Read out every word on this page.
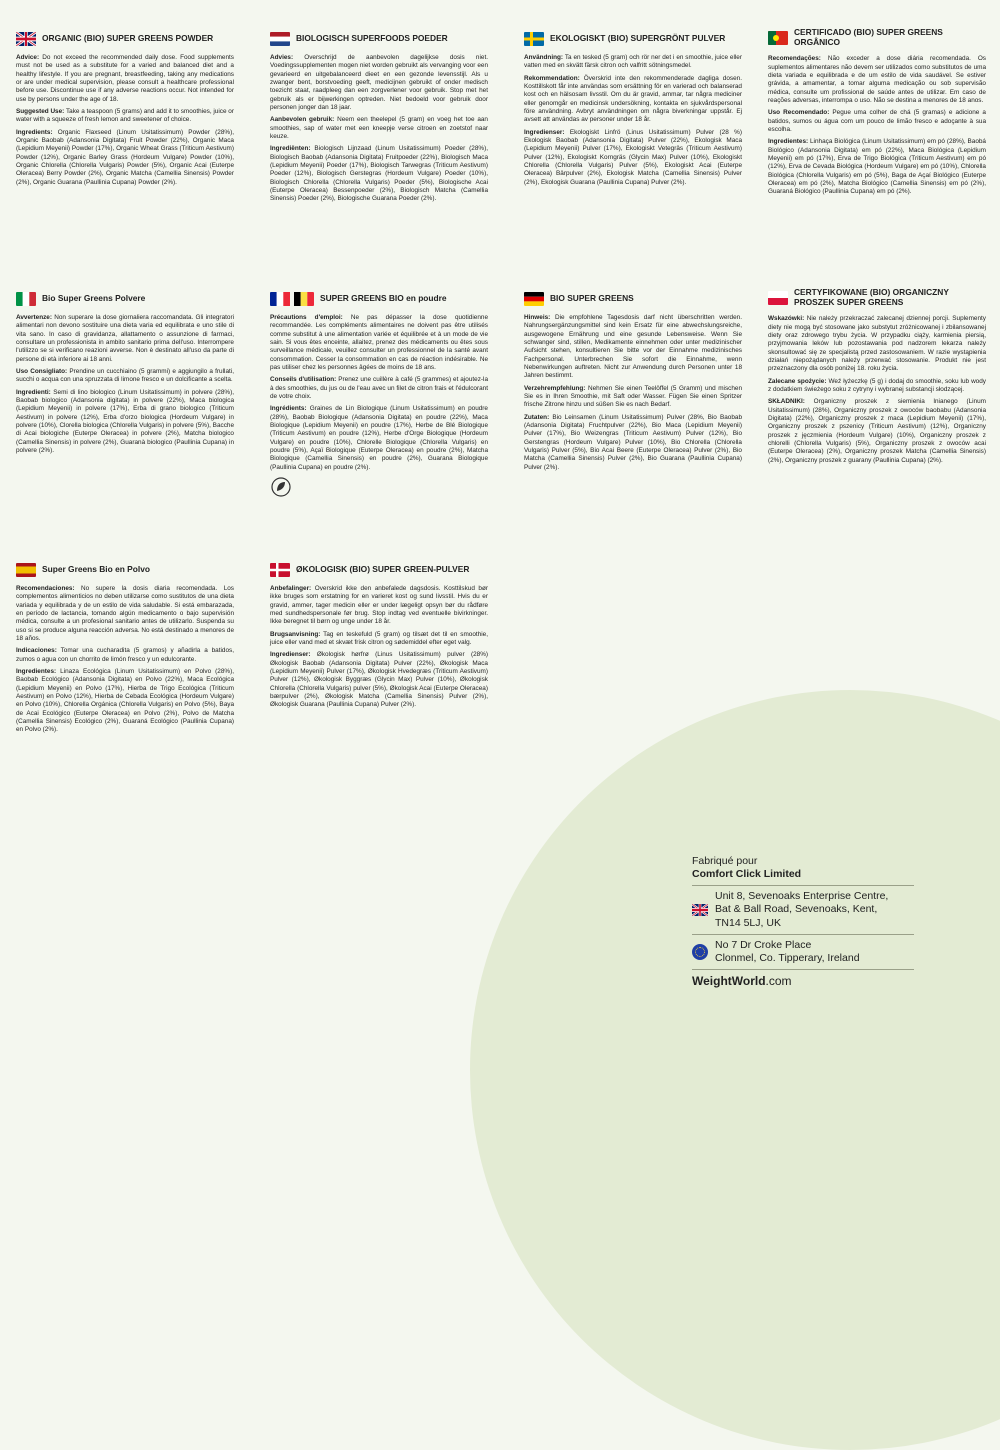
ORGANIC (BIO) SUPER GREENS POWDER
Advice: Do not exceed the recommended daily dose. Food supplements must not be used as a substitute for a varied and balanced diet and a healthy lifestyle. If you are pregnant, breastfeeding, taking any medications or are under medical supervision, please consult a healthcare professional before use. Discontinue use if any adverse reactions occur. Not intended for use by persons under the age of 18.
Suggested Use: Take a teaspoon (5 grams) and add it to smoothies, juice or water with a squeeze of fresh lemon and sweetener of choice.
Ingredients: Organic Flaxseed (Linum Usitatissimum) Powder (28%), Organic Baobab (Adansonia Digitata) Fruit Powder (22%), Organic Maca (Lepidium Meyenii) Powder (17%), Organic Wheat Grass (Triticum Aestivum) Powder (12%), Organic Barley Grass (Hordeum Vulgare) Powder (10%), Organic Chlorella (Chlorella Vulgaris) Powder (5%), Organic Acai (Euterpe Oleracea) Berry Powder (2%), Organic Matcha (Camellia Sinensis) Powder (2%), Organic Guarana (Paullinia Cupana) Powder (2%).
BIOLOGISCH SUPERFOODS POEDER
Advies: Overschrijd de aanbevolen dagelijkse dosis niet. Voedingssupplementen mogen niet worden gebruikt als vervanging voor een gevarieerd en uitgebalanceerd dieet en een gezonde levensstijl. Als u zwanger bent, borstvoeding geeft, medicijnen gebruikt of onder medisch toezicht staat, raadpleeg dan een zorgverlener voor gebruik. Stop met het gebruik als er bijwerkingen optreden. Niet bedoeld voor gebruik door personen jonger dan 18 jaar.
Aanbevolen gebruik: Neem een theelepel (5 gram) en voeg het toe aan smoothies, sap of water met een kneepje verse citroen en zoetstof naar keuze.
Ingrediënten: Biologisch Lijnzaad (Linum Usitatissimum) Poeder (28%), Biologisch Baobab (Adansonia Digitata) Fruitpoeder (22%), Biologisch Maca (Lepidium Meyenii) Poeder (17%), Biologisch Tarwegras (Triticum Aestivum) Poeder (12%), Biologisch Gerstegras (Hordeum Vulgare) Poeder (10%), Biologisch Chlorella (Chlorella Vulgaris) Poeder (5%), Biologische Acai (Euterpe Oleracea) Bessenpoeder (2%), Biologisch Matcha (Camellia Sinensis) Poeder (2%), Biologische Guarana Poeder (2%).
EKOLOGISKT (BIO) SUPERGRÖNT PULVER
Användning: Ta en tesked (5 gram) och rör ner det i en smoothie, juice eller vatten med en skvätt färsk citron och valfritt sötningsmedel.
Rekommendation: Överskrid inte den rekommenderade dagliga dosen. Kosttillskott får inte användas som ersättning för en varierad och balanserad kost och en hälsosam livsstil. Om du är gravid, ammar, tar några mediciner eller genomgår en medicinsk undersökning, kontakta en sjukvårdspersonal före användning. Avbryt användningen om några biverkningar uppstår. Ej avsett att användas av personer under 18 år.
Ingredienser: Ekologiskt Linfrö (Linus Usitatissimum) Pulver (28 %) Ekologisk Baobab (Adansonia Digitata) Pulver (22%), Ekologisk Maca (Lepidium Meyenii) Pulver (17%), Ekologiskt Vetegräs (Triticum Aestivum) Pulver (12%), Ekologiskt Korngräs (Glycin Max) Pulver (10%), Ekologiskt Chlorella (Chlorella Vulgaris) Pulver (5%), Ekologiskt Acai (Euterpe Oleracea) Bärpulver (2%), Ekologisk Matcha (Camellia Sinensis) Pulver (2%), Ekologisk Guarana (Paullinia Cupana) Pulver (2%).
CERTIFICADO (BIO) SUPER GREENS ORGÂNICO
Recomendações: Não exceder a dose diária recomendada. Os suplementos alimentares não devem ser utilizados como substitutos de uma dieta variada e equilibrada e de um estilo de vida saudável. Se estiver grávida, a amamentar, a tomar alguma medicação ou sob supervisão médica, consulte um profissional de saúde antes de utilizar. Em caso de reações adversas, interrompa o uso. Não se destina a menores de 18 anos.
Uso Recomendado: Pegue uma colher de chá (5 gramas) e adicione a batidos, sumos ou água com um pouco de limão fresco e adoçante à sua escolha.
Ingredientes: Linhaça Biológica (Linum Usitatissimum) em pó (28%), Baobá Biológico (Adansonia Digitata) em pó (22%), Maca Biológica (Lepidium Meyenii) em pó (17%), Erva de Trigo Biológica (Triticum Aestivum) em pó (12%), Erva de Cevada Biológica (Hordeum Vulgare) em pó (10%), Chlorella Biológica (Chlorella Vulgaris) em pó (5%), Baga de Açaí Biológico (Euterpe Oleracea) em pó (2%), Matcha Biológico (Camellia Sinensis) em pó (2%), Guaraná Biológico (Paullinia Cupana) em pó (2%).
Bio Super Greens Polvere
Avvertenze: Non superare la dose giornaliera raccomandata. Gli integratori alimentari non devono sostituire una dieta varia ed equilibrata e uno stile di vita sano. In caso di gravidanza, allattamento o assunzione di farmaci, consultare un professionista in ambito sanitario prima dell'uso. Interrompere l'utilizzo se si verificano reazioni avverse. Non è destinato all'uso da parte di persone di età inferiore ai 18 anni.
Uso Consigliato: Prendine un cucchiaino (5 grammi) e aggiungilo a frullati, succhi o acqua con una spruzzata di limone fresco e un dolcificante a scelta.
Ingredienti: Semi di lino biologico (Linum Usitatissimum) in polvere (28%), Baobab biologico (Adansonia digitata) in polvere (22%), Maca biologica (Lepidium Meyenii) in polvere (17%), Erba di grano biologico (Triticum Aestivum) in polvere (12%), Erba d'orzo biologica (Hordeum Vulgare) in polvere (10%), Clorella biologica (Chlorella Vulgaris) in polvere (5%), Bacche di Acai biologiche (Euterpe Oleracea) in polvere (2%), Matcha biologico (Camellia Sinensis) in polvere (2%), Guaranà biologico (Paullinia Cupana) in polvere (2%).
SUPER GREENS BIO en poudre
Précautions d'emploi: Ne pas dépasser la dose quotidienne recommandée. Les compléments alimentaires ne doivent pas être utilisés comme substitut à une alimentation variée et équilibrée et à un mode de vie sain. Si vous êtes enceinte, allaitez, prenez des médicaments ou êtes sous surveillance médicale, veuillez consulter un professionnel de la santé avant consommation. Cesser la consommation en cas de réaction indésirable. Ne pas utiliser chez les personnes âgées de moins de 18 ans.
Conseils d'utilisation: Prenez une cuillère à café (5 grammes) et ajoutez-la à des smoothies, du jus ou de l'eau avec un filet de citron frais et l'édulcorant de votre choix.
Ingrédients: Graines de Lin Biologique (Linum Usitatissimum) en poudre (28%), Baobab Biologique (Adansonia Digitata) en poudre (22%), Maca Biologique (Lepidium Meyenii) en poudre (17%), Herbe de Blé Biologique (Triticum Aestivum) en poudre (12%), Herbe d'Orge Biologique (Hordeum Vulgare) en poudre (10%), Chlorelle Biologique (Chlorella Vulgaris) en poudre (5%), Açaï Biologique (Euterpe Oleracea) en poudre (2%), Matcha Biologique (Camellia Sinensis) en poudre (2%), Guarana Biologique (Paullinia Cupana) en poudre (2%).
BIO SUPER GREENS
Hinweis: Die empfohlene Tagesdosis darf nicht überschritten werden. Nahrungsergänzungsmittel sind kein Ersatz für eine abwechslungsreiche, ausgewogene Ernährung und eine gesunde Lebensweise. Wenn Sie schwanger sind, stillen, Medikamente einnehmen oder unter medizinischer Aufsicht stehen, konsultieren Sie bitte vor der Einnahme medizinisches Fachpersonal. Unterbrechen Sie sofort die Einnahme, wenn Nebenwirkungen auftreten. Nicht zur Anwendung durch Personen unter 18 Jahren bestimmt.
Verzehrempfehlung: Nehmen Sie einen Teelöffel (5 Gramm) und mischen Sie es in Ihren Smoothie, mit Saft oder Wasser. Fügen Sie einen Spritzer frische Zitrone hinzu und süßen Sie es nach Bedarf.
Zutaten: Bio Leinsamen (Linum Usitatissimum) Pulver (28%, Bio Baobab (Adansonia Digitata) Fruchtpulver (22%), Bio Maca (Lepidium Meyenii) Pulver (17%), Bio Weizengras (Triticum Aestivum) Pulver (12%), Bio Gerstengras (Hordeum Vulgare) Pulver (10%), Bio Chlorella (Chlorella Vulgaris) Pulver (5%), Bio Acai Beere (Euterpe Oleracea) Pulver (2%), Bio Matcha (Camellia Sinensis) Pulver (2%), Bio Guarana (Paullinia Cupana) Pulver (2%).
CERTYFIKOWANE (BIO) ORGANICZNY PROSZEK SUPER GREENS
Wskazówki: Nie należy przekraczać zalecanej dziennej porcji. Suplementy diety nie mogą być stosowane jako substytut zróżnicowanej i zbilansowanej diety oraz zdrowego trybu życia. W przypadku ciąży, karmienia piersią, przyjmowania leków lub pozostawania pod nadzorem lekarza należy skonsultować się ze specjalistą przed zastosowaniem. W razie wystąpienia działań niepożądanych należy przerwać stosowanie. Produkt nie jest przeznaczony dla osób poniżej 18. roku życia.
Zalecane spożycie: Weź łyżeczkę (5 g) i dodaj do smoothie, soku lub wody z dodatkiem świeżego soku z cytryny i wybranej substancji słodzącej.
SKŁADNIKI: Organiczny proszek z siemienia lnianego (Linum Usitatissimum) (28%), Organiczny proszek z owoców baobabu (Adansonia Digitata) (22%), Organiczny proszek z maca (Lepidium Meyenii) (17%), Organiczny proszek z pszenicy (Triticum Aestivum) (12%), Organiczny proszek z jęczmienia (Hordeum Vulgare) (10%), Organiczny proszek z chlorelli (Chlorella Vulgaris) (5%), Organiczny proszek z owoców acai (Euterpe Oleracea) (2%), Organiczny proszek Matcha (Camellia Sinensis) (2%), Organiczny proszek z guarany (Paullinia Cupana) (2%).
Super Greens Bio en Polvo
Recomendaciones: No supere la dosis diaria recomendada. Los complementos alimenticios no deben utilizarse como sustitutos de una dieta variada y equilibrada y de un estilo de vida saludable. Si está embarazada, en período de lactancia, tomando algún medicamento o bajo supervisión médica, consulte a un profesional sanitario antes de utilizarlo. Suspenda su uso si se produce alguna reacción adversa. No está destinado a menores de 18 años.
Indicaciones: Tomar una cucharadita (5 gramos) y añadirla a batidos, zumos o agua con un chorrito de limón fresco y un edulcorante.
Ingredientes: Linaza Ecológica (Linum Usitatissimum) en Polvo (28%), Baobab Ecológico (Adansonia Digitata) en Polvo (22%), Maca Ecológica (Lepidium Meyenii) en Polvo (17%), Hierba de Trigo Ecológica (Triticum Aestivum) en Polvo (12%), Hierba de Cebada Ecológica (Hordeum Vulgare) en Polvo (10%), Chlorella Orgánica (Chlorella Vulgaris) en Polvo (5%), Baya de Acai Ecológico (Euterpe Oleracea) en Polvo (2%), Polvo de Matcha (Camellia Sinensis) Ecológico (2%), Guaraná Ecológico (Paullinia Cupana) en Polvo (2%).
ØKOLOGISK (BIO) SUPER GREEN-PULVER
Anbefalinger: Overskrid ikke den anbefalede dagsdosis. Kosttilskud bør ikke bruges som erstatning for en varieret kost og sund livsstil. Hvis du er gravid, ammer, tager medicin eller er under lægeligt opsyn bør du rådføre med sundhedspersonale før brug. Stop indtag ved eventuelle bivirkninger. Ikke beregnet til børn og unge under 18 år.
Brugsanvisning: Tag en teskefuld (5 gram) og tilsæt det til en smoothie, juice eller vand med et skvæt frisk citron og sødemiddel efter eget valg.
Ingredienser: Økologisk hørfrø (Linus Usitatissimum) pulver (28%) Økologisk Baobab (Adansonia Digitata) Pulver (22%), Økologisk Maca (Lepidium Meyenii) Pulver (17%), Økologisk Hvedegræs (Triticum Aestivum) Pulver (12%), Økologisk Byggræs (Glycin Max) Pulver (10%), Økologisk Chlorella (Chlorella Vulgaris) pulver (5%), Økologisk Acai (Euterpe Oleracea) bærpulver (2%), Økologisk Matcha (Camellia Sinensis) Pulver (2%), Økologisk Guarana (Paullinia Cupana) Pulver (2%).
Fabriqué pour
Comfort Click Limited
Unit 8, Sevenoaks Enterprise Centre,
Bat & Ball Road, Sevenoaks, Kent,
TN14 5LJ, UK
No 7 Dr Croke Place
Clonmel, Co. Tipperary, Ireland
WeightWorld.com
